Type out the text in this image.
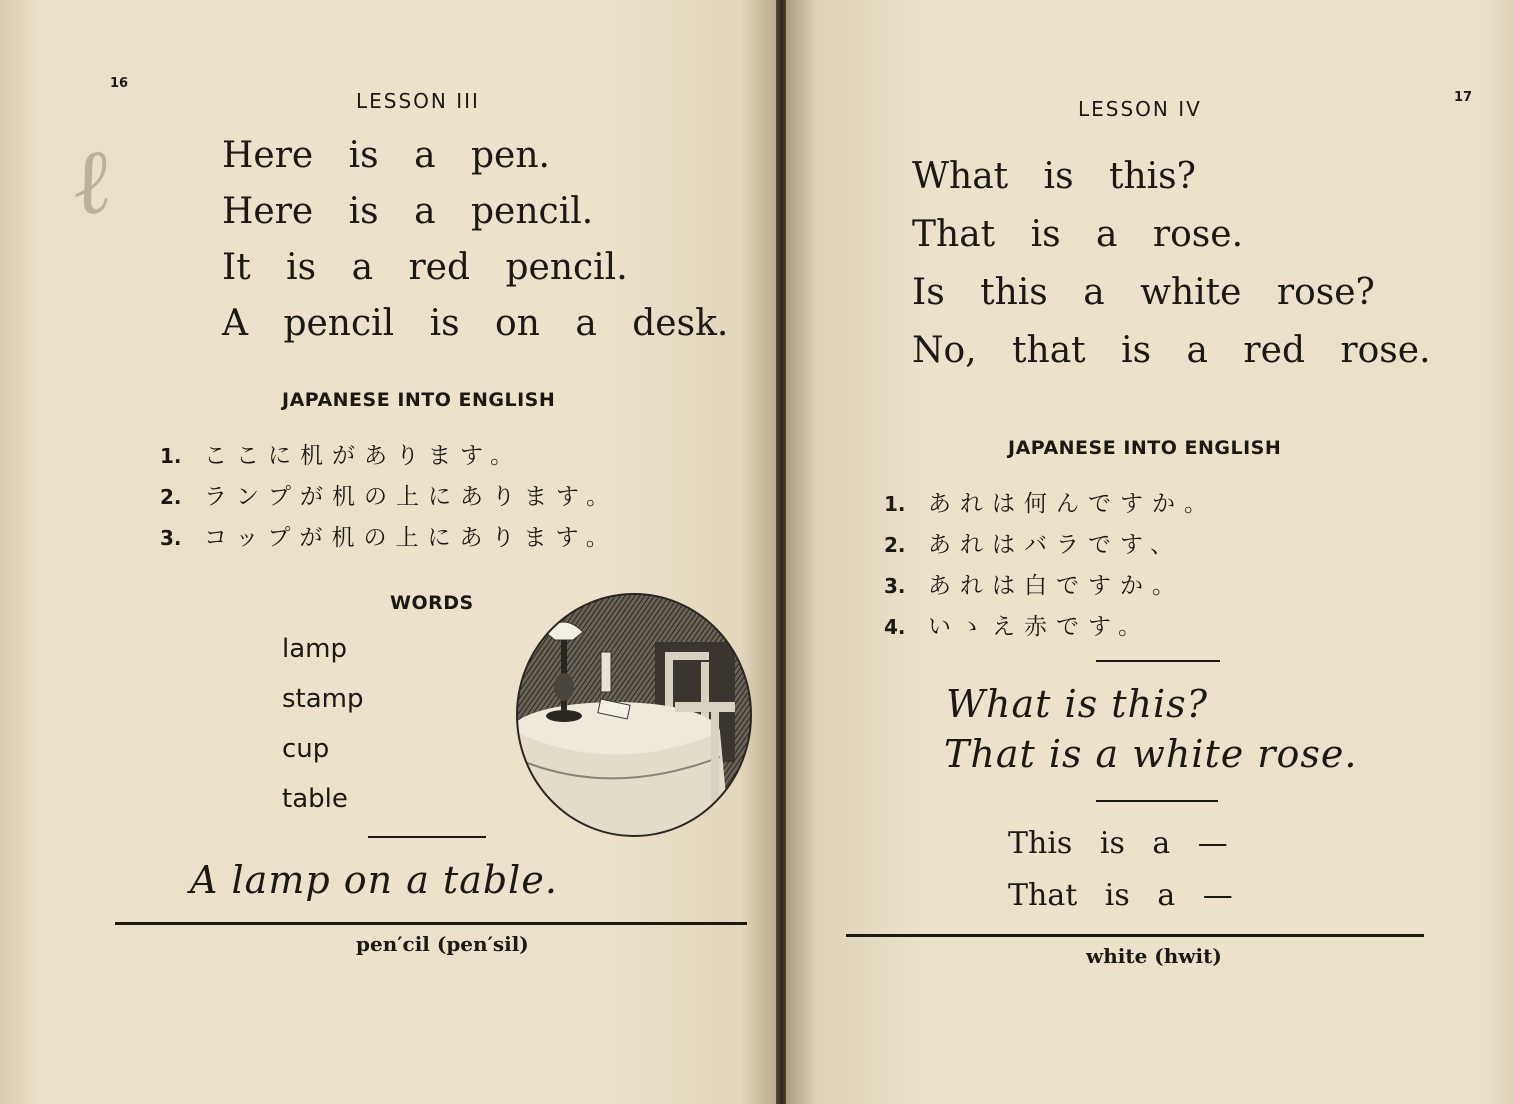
16
LESSON III
ℓ	Here is a pen.
Here is a pencil.
It is a red pencil.
A pencil is on a desk.
JAPANESE INTO ENGLISH
1. ここに机があります。
2. ランプが机の上にあります。
3. コップが机の上にあります。
WORDS
lamp
stamp
cup
table
A lamp on a table.
pen′cil (pen′sil)
17
LESSON IV
What is this?
That is a rose.
Is this a white rose?
No, that is a red rose.
JAPANESE INTO ENGLISH
1. あれは何んですか。
2. あれはバラです、
3. あれは白ですか。
4. いゝえ赤です。
What is this?
That is a white rose.
This is a —
That is a —
white (hwit)
